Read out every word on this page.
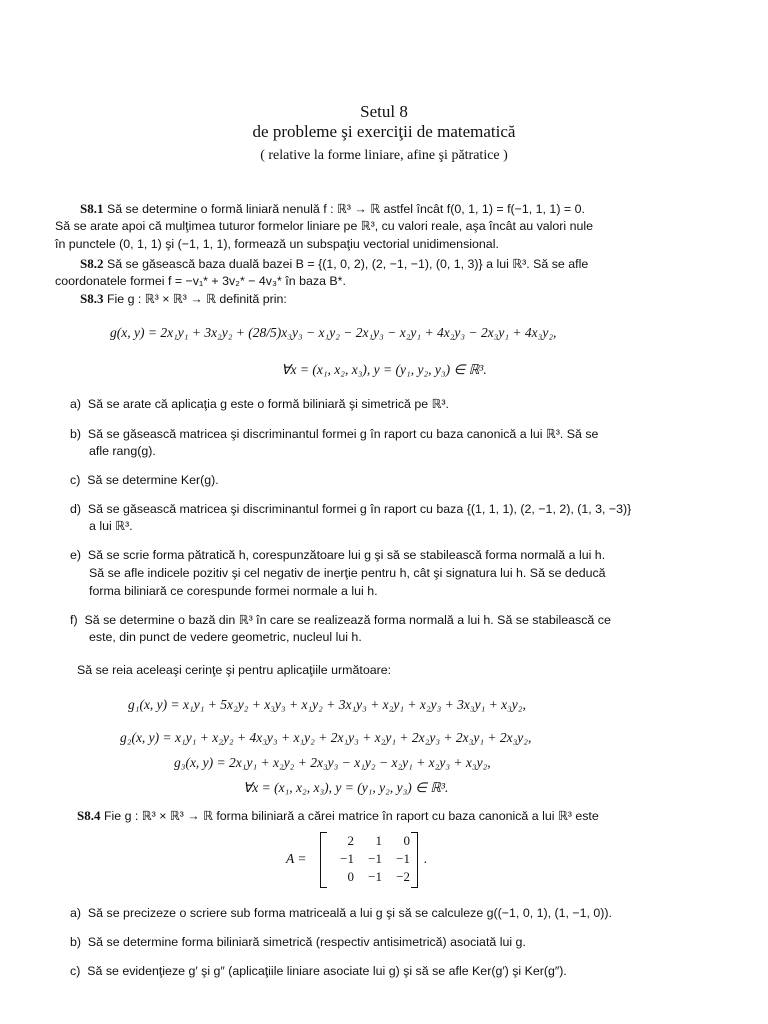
Setul 8
de probleme şi exerciţii de matematică
( relative la forme liniare, afine şi pătratice )
S8.1 Să se determine o formă liniară nenulă f : ℝ³ → ℝ astfel încât f(0, 1, 1) = f(−1, 1, 1) = 0.
Să se arate apoi că mulţimea tuturor formelor liniare pe ℝ³, cu valori reale, aşa încât au valori nule
în punctele (0, 1, 1) şi (−1, 1, 1), formează un subspaţiu vectorial unidimensional.
S8.2 Să se găsească baza duală bazei B = {(1, 0, 2), (2, −1, −1), (0, 1, 3)} a lui ℝ³. Să se afle
coordonatele formei f = −v₁* + 3v₂* − 4v₃* în baza B*.
S8.3 Fie g : ℝ³ × ℝ³ → ℝ definită prin:
g(x, y) = 2x₁y₁ + 3x₂y₂ + (28/5)x₃y₃ − x₁y₂ − 2x₁y₃ − x₂y₁ + 4x₂y₃ − 2x₃y₁ + 4x₃y₂,
∀x = (x₁, x₂, x₃), y = (y₁, y₂, y₃) ∈ ℝ³.
a) Să se arate că aplicaţia g este o formă biliniară şi simetrică pe ℝ³.
b) Să se găsească matricea şi discriminantul formei g în raport cu baza canonică a lui ℝ³. Să se
afle rang(g).
c) Să se determine Ker(g).
d) Să se găsească matricea şi discriminantul formei g în raport cu baza {(1, 1, 1), (2, −1, 2), (1, 3, −3)}
a lui ℝ³.
e) Să se scrie forma pătratică h, corespunzătoare lui g şi să se stabilească forma normală a lui h.
Să se afle indicele pozitiv şi cel negativ de inerţie pentru h, cât şi signatura lui h. Să se deducă
forma biliniară ce corespunde formei normale a lui h.
f) Să se determine o bază din ℝ³ în care se realizează forma normală a lui h. Să se stabilească ce
este, din punct de vedere geometric, nucleul lui h.
Să se reia aceleaşi cerinţe şi pentru aplicaţiile următoare:
g₁(x, y) = x₁y₁ + 5x₂y₂ + x₃y₃ + x₁y₂ + 3x₁y₃ + x₂y₁ + x₂y₃ + 3x₃y₁ + x₃y₂,
g₂(x, y) = x₁y₁ + x₂y₂ + 4x₃y₃ + x₁y₂ + 2x₁y₃ + x₂y₁ + 2x₂y₃ + 2x₃y₁ + 2x₃y₂,
g₃(x, y) = 2x₁y₁ + x₂y₂ + 2x₃y₃ − x₁y₂ − x₂y₁ + x₂y₃ + x₃y₂,
∀x = (x₁, x₂, x₃), y = (y₁, y₂, y₃) ∈ ℝ³.
S8.4 Fie g : ℝ³ × ℝ³ → ℝ forma biliniară a cărei matrice în raport cu baza canonică a lui ℝ³ este
A =
2	1	0
−1	−1	−1
0	−1	−2
.
a) Să se precizeze o scriere sub forma matriceală a lui g şi să se calculeze g((−1, 0, 1), (1, −1, 0)).
b) Să se determine forma biliniară simetrică (respectiv antisimetrică) asociată lui g.
c) Să se evidenţieze g′ şi g″ (aplicaţiile liniare asociate lui g) şi să se afle Ker(g′) şi Ker(g″).
